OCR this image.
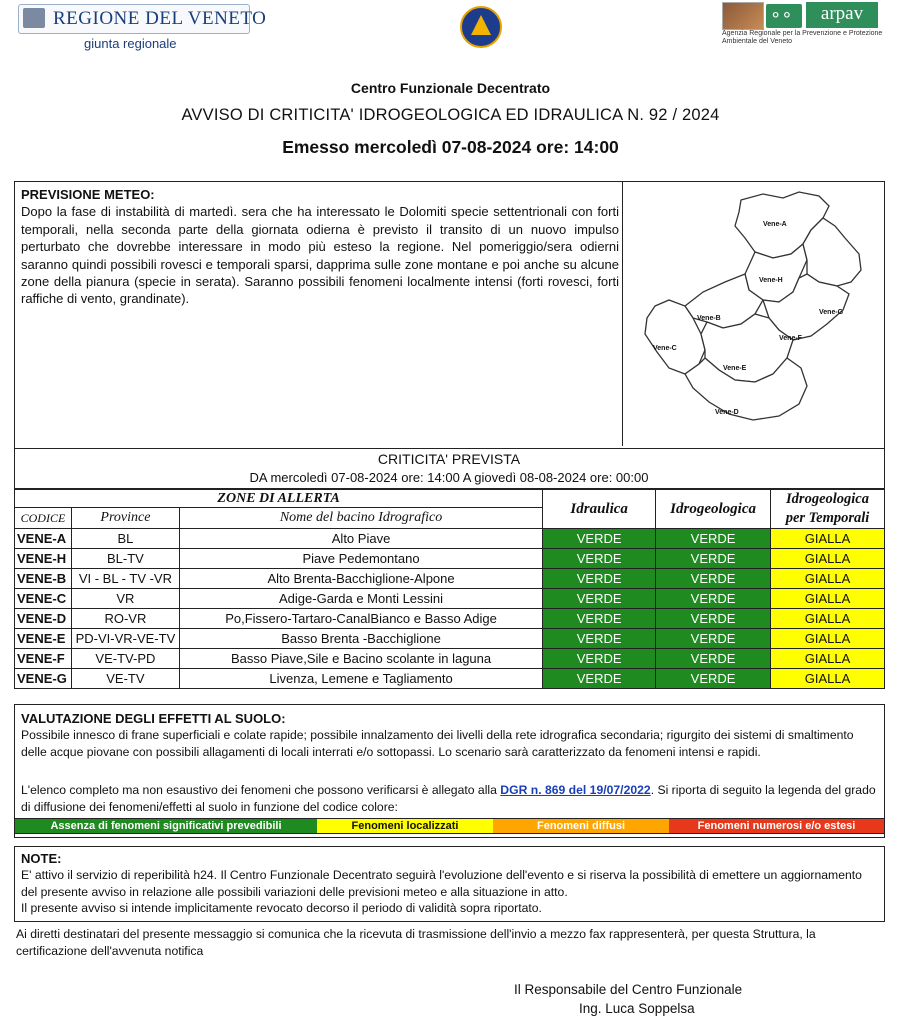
REGIONE DEL VENETO
giunta regionale
∘∘
arpav
Agenzia Regionale per la Prevenzione e Protezione Ambientale del Veneto
Centro Funzionale Decentrato
AVVISO DI CRITICITA' IDROGEOLOGICA ED IDRAULICA N. 92 / 2024
Emesso mercoledì 07-08-2024 ore: 14:00
PREVISIONE METEO:
Dopo la fase di instabilità di martedì. sera che ha interessato le Dolomiti specie settentrionali con forti temporali, nella seconda parte della giornata odierna è previsto il transito di un nuovo impulso perturbato che dovrebbe interessare in modo più esteso la regione. Nel pomeriggio/sera odierni saranno quindi possibili rovesci e temporali sparsi, dapprima sulle zone montane e poi anche su alcune zone della pianura (specie in serata). Saranno possibili fenomeni localmente intensi (forti rovesci, forti raffiche di vento, grandinate).
Vene-A
Vene-H
Vene-G
Vene-B
Vene-F
Vene-C
Vene-E
Vene-D
CRITICITA' PREVISTA
DA mercoledì 07-08-2024 ore: 14:00 A giovedì 08-08-2024 ore: 00:00
ZONE DI ALLERTA			Idraulica	Idrogeologica	Idrogeologica
per Temporali
CODICE	Province	Nome del bacino Idrografico			
VENE-A	BL	Alto Piave	VERDE	VERDE	GIALLA
VENE-H	BL-TV	Piave Pedemontano	VERDE	VERDE	GIALLA
VENE-B	VI - BL - TV -VR	Alto Brenta-Bacchiglione-Alpone	VERDE	VERDE	GIALLA
VENE-C	VR	Adige-Garda e Monti Lessini	VERDE	VERDE	GIALLA
VENE-D	RO-VR	Po,Fissero-Tartaro-CanalBianco e Basso Adige	VERDE	VERDE	GIALLA
VENE-E	PD-VI-VR-VE-TV	Basso Brenta -Bacchiglione	VERDE	VERDE	GIALLA
VENE-F	VE-TV-PD	Basso Piave,Sile e Bacino scolante in laguna	VERDE	VERDE	GIALLA
VENE-G	VE-TV	Livenza, Lemene e Tagliamento	VERDE	VERDE	GIALLA
VALUTAZIONE DEGLI EFFETTI AL SUOLO:
Possibile innesco di frane superficiali e colate rapide; possibile innalzamento dei livelli della rete idrografica secondaria; rigurgito dei sistemi di smaltimento delle acque piovane con possibili allagamenti di locali interrati e/o sottopassi. Lo scenario sarà caratterizzato da fenomeni intensi e rapidi.
L'elenco completo ma non esaustivo dei fenomeni che possono verificarsi è allegato alla DGR n. 869 del 19/07/2022. Si riporta di seguito la legenda del grado di diffusione dei fenomeni/effetti al suolo in funzione del codice colore:
Assenza di fenomeni significativi prevedibili	Fenomeni localizzati	Fenomeni diffusi	Fenomeni numerosi e/o estesi
NOTE:
E' attivo il servizio di reperibilità h24. Il Centro Funzionale Decentrato seguirà l'evoluzione dell'evento e si riserva la possibilità di emettere un aggiornamento del presente avviso in relazione alle possibili variazioni delle previsioni meteo e alla situazione in atto.
Il presente avviso si intende implicitamente revocato decorso il periodo di validità sopra riportato.
Ai diretti destinatari del presente messaggio si comunica che la ricevuta di trasmissione dell'invio a mezzo fax rappresenterà, per questa Struttura, la certificazione dell'avvenuta notifica
Il Responsabile del Centro Funzionale
Ing. Luca Soppelsa
